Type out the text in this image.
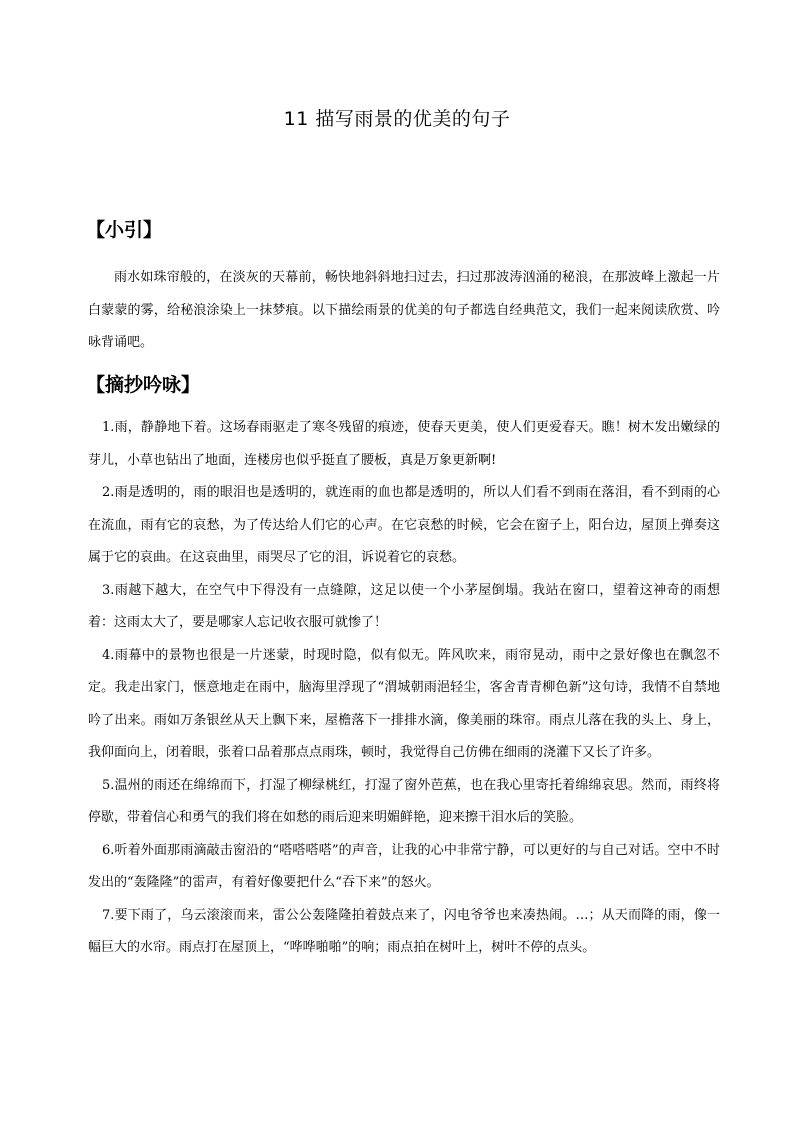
11 描写雨景的优美的句子
【小引】
雨水如珠帘般的，在淡灰的天幕前，畅快地斜斜地扫过去，扫过那波涛汹涌的秘浪，在那波峰上激起一片白蒙蒙的雾，给秘浪涂染上一抹梦痕。以下描绘雨景的优美的句子都选自经典范文，我们一起来阅读欣赏、吟咏背诵吧。
【摘抄吟咏】

1.雨，静静地下着。这场春雨驱走了寒冬残留的痕迹，使春天更美，使人们更爱春天。瞧！树木发出嫩绿的芽儿，小草也钻出了地面，连楼房也似乎挺直了腰板，真是万象更新啊!

2.雨是透明的，雨的眼泪也是透明的，就连雨的血也都是透明的，所以人们看不到雨在落泪，看不到雨的心在流血，雨有它的哀愁，为了传达给人们它的心声。在它哀愁的时候，它会在窗子上，阳台边，屋顶上弹奏这属于它的哀曲。在这哀曲里，雨哭尽了它的泪，诉说着它的哀愁。

3.雨越下越大，在空气中下得没有一点缝隙，这足以使一个小茅屋倒塌。我站在窗口，望着这神奇的雨想着：这雨太大了，要是哪家人忘记收衣服可就惨了！

4.雨幕中的景物也很是一片迷蒙，时现时隐，似有似无。阵风吹来，雨帘晃动，雨中之景好像也在飘忽不定。我走出家门，惬意地走在雨中，脑海里浮现了“渭城朝雨浥轻尘，客舍青青柳色新”这句诗，我情不自禁地吟了出来。雨如万条银丝从天上飘下来，屋檐落下一排排水滴，像美丽的珠帘。雨点儿落在我的头上、身上，我仰面向上，闭着眼，张着口品着那点点雨珠，顿时，我觉得自己仿佛在细雨的浇灌下又长了许多。

5.温州的雨还在绵绵而下，打湿了柳绿桃红，打湿了窗外芭蕉，也在我心里寄托着绵绵哀思。然而，雨终将停歇，带着信心和勇气的我们将在如愁的雨后迎来明媚鲜艳，迎来擦干泪水后的笑脸。

6.听着外面那雨滴敲击窗沿的“嗒嗒嗒嗒”的声音，让我的心中非常宁静，可以更好的与自己对话。空中不时发出的“轰隆隆”的雷声，有着好像要把什么“吞下来”的怒火。

7.要下雨了，乌云滚滚而来，雷公公轰隆隆拍着鼓点来了，闪电爷爷也来凑热闹。…；从天而降的雨，像一幅巨大的水帘。雨点打在屋顶上，“哗哗啪啪”的响；雨点拍在树叶上，树叶不停的点头。
